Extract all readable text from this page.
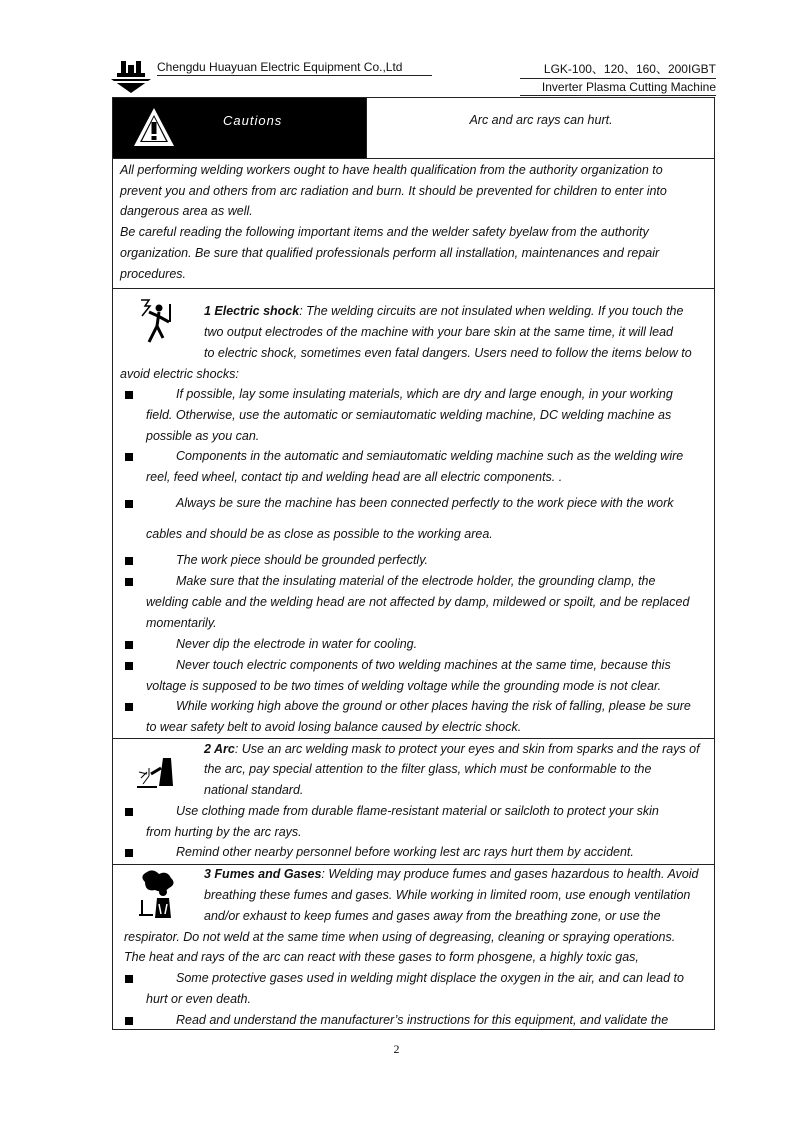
Chengdu Huayuan Electric Equipment Co.,Ltd	LGK-100、120、160、200IGBT
Inverter Plasma Cutting Machine
Cautions	Arc and arc rays can hurt.
All performing welding workers ought to have health qualification from the authority organization to
prevent you and others from arc radiation and burn. It should be prevented for children to enter into
dangerous area as well.
Be careful reading the following important items and the welder safety byelaw from the authority
organization. Be sure that qualified professionals perform all installation, maintenances and repair
procedures.
1 Electric shock: The welding circuits are not insulated when welding. If you touch the
two output electrodes of the machine with your bare skin at the same time, it will lead
to electric shock, sometimes even fatal dangers. Users need to follow the items below to
avoid electric shocks:
If possible, lay some insulating materials, which are dry and large enough, in your working
field. Otherwise, use the automatic or semiautomatic welding machine, DC welding machine as
possible as you can.
Components in the automatic and semiautomatic welding machine such as the welding wire
reel, feed wheel, contact tip and welding head are all electric components. .
Always be sure the machine has been connected perfectly to the work piece with the work
cables and should be as close as possible to the working area.
The work piece should be grounded perfectly.
Make sure that the insulating material of the electrode holder, the grounding clamp, the
welding cable and the welding head are not affected by damp, mildewed or spoilt, and be replaced
momentarily.
Never dip the electrode in water for cooling.
Never touch electric components of two welding machines at the same time, because this
voltage is supposed to be two times of welding voltage while the grounding mode is not clear.
While working high above the ground or other places having the risk of falling, please be sure
to wear safety belt to avoid losing balance caused by electric shock.
2 Arc: Use an arc welding mask to protect your eyes and skin from sparks and the rays of
the arc, pay special attention to the filter glass, which must be conformable to the
national standard.
Use clothing made from durable flame-resistant material or sailcloth to protect your skin
from hurting by the arc rays.
Remind other nearby personnel before working lest arc rays hurt them by accident.
3 Fumes and Gases: Welding may produce fumes and gases hazardous to health. Avoid
breathing these fumes and gases. While working in limited room, use enough ventilation
and/or exhaust to keep fumes and gases away from the breathing zone, or use the
respirator. Do not weld at the same time when using of degreasing, cleaning or spraying operations.
The heat and rays of the arc can react with these gases to form phosgene, a highly toxic gas,
Some protective gases used in welding might displace the oxygen in the air, and can lead to
hurt or even death.
Read and understand the manufacturer’s instructions for this equipment, and validate the
2
